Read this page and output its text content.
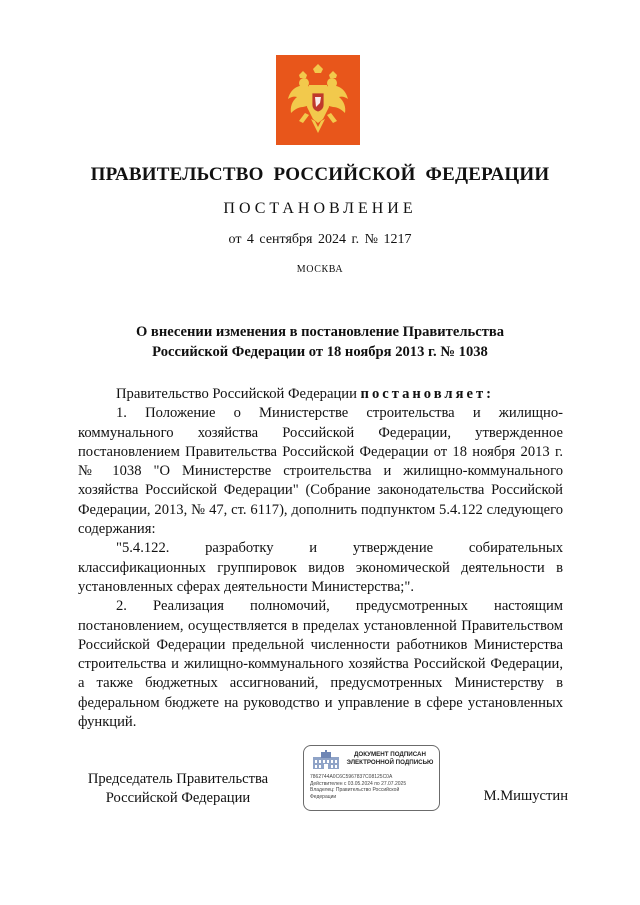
ПРАВИТЕЛЬСТВО РОССИЙСКОЙ ФЕДЕРАЦИИ
ПОСТАНОВЛЕНИЕ
от 4 сентября 2024 г. № 1217
МОСКВА
О внесении изменения в постановление Правительства
Российской Федерации от 18 ноября 2013 г. № 1038

Правительство Российской Федерации постановляет:

1. Положение о Министерстве строительства и жилищно-коммунального хозяйства Российской Федерации, утвержденное постановлением Правительства Российской Федерации от 18 ноября 2013 г. № 1038 "О Министерстве строительства и жилищно-коммунального хозяйства Российской Федерации" (Собрание законодательства Российской Федерации, 2013, № 47, ст. 6117), дополнить подпунктом 5.4.122 следующего содержания:

"5.4.122. разработку и утверждение собирательных классификационных группировок видов экономической деятельности в установленных сферах деятельности Министерства;".

2. Реализация полномочий, предусмотренных настоящим постановлением, осуществляется в пределах установленной Правительством Российской Федерации предельной численности работников Министерства строительства и жилищно-коммунального хозяйства Российской Федерации, а также бюджетных ассигнований, предусмотренных Министерству в федеральном бюджете на руководство и управление в сфере установленных функций.

Председатель Правительства
Российской Федерации
ДОКУМЕНТ ПОДПИСАН
ЭЛЕКТРОННОЙ ПОДПИСЬЮ
7862744A0C6C5967837C08125C0A
Действителен с 03.05.2024 по 27.07.2025
Владелец: Правительство Российской
Федерации	М.Мишустин
